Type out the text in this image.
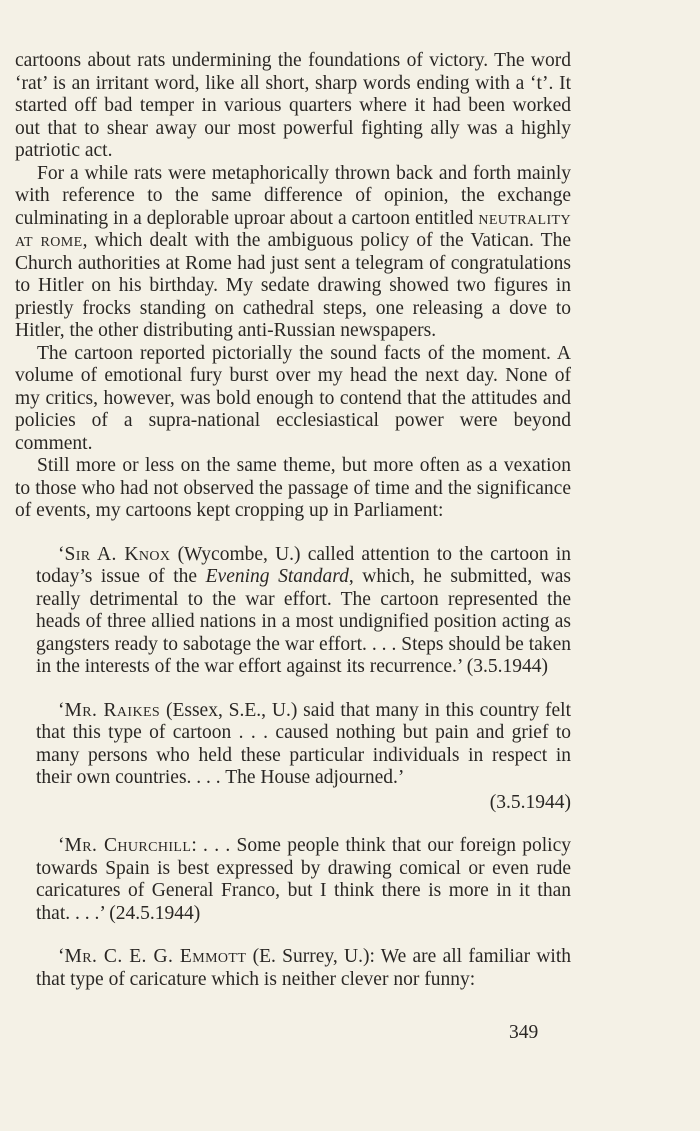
cartoons about rats undermining the foundations of victory. The word ‘rat’ is an irritant word, like all short, sharp words ending with a ‘t’. It started off bad temper in various quarters where it had been worked out that to shear away our most powerful fighting ally was a highly patriotic act.

For a while rats were metaphorically thrown back and forth mainly with reference to the same difference of opinion, the exchange culminating in a deplorable uproar about a cartoon entitled neutrality at rome, which dealt with the ambiguous policy of the Vatican. The Church authorities at Rome had just sent a telegram of congratulations to Hitler on his birthday. My sedate drawing showed two figures in priestly frocks standing on cathedral steps, one releasing a dove to Hitler, the other distributing anti-Russian newspapers.

The cartoon reported pictorially the sound facts of the moment. A volume of emotional fury burst over my head the next day. None of my critics, however, was bold enough to contend that the attitudes and policies of a supra-national ecclesiastical power were beyond comment.

Still more or less on the same theme, but more often as a vexation to those who had not observed the passage of time and the significance of events, my cartoons kept cropping up in Parliament:

‘Sir A. Knox (Wycombe, U.) called attention to the cartoon in today’s issue of the Evening Standard, which, he submitted, was really detrimental to the war effort. The cartoon represented the heads of three allied nations in a most undignified position acting as gangsters ready to sabotage the war effort. . . . Steps should be taken in the interests of the war effort against its recurrence.’ (3.5.1944)

‘Mr. Raikes (Essex, S.E., U.) said that many in this country felt that this type of cartoon . . . caused nothing but pain and grief to many persons who held these particular individuals in respect in their own countries. . . . The House adjourned.’

(3.5.1944)

‘Mr. Churchill: . . . Some people think that our foreign policy towards Spain is best expressed by drawing comical or even rude caricatures of General Franco, but I think there is more in it than that. . . .’ (24.5.1944)

‘Mr. C. E. G. Emmott (E. Surrey, U.): We are all familiar with that type of caricature which is neither clever nor funny:

349
